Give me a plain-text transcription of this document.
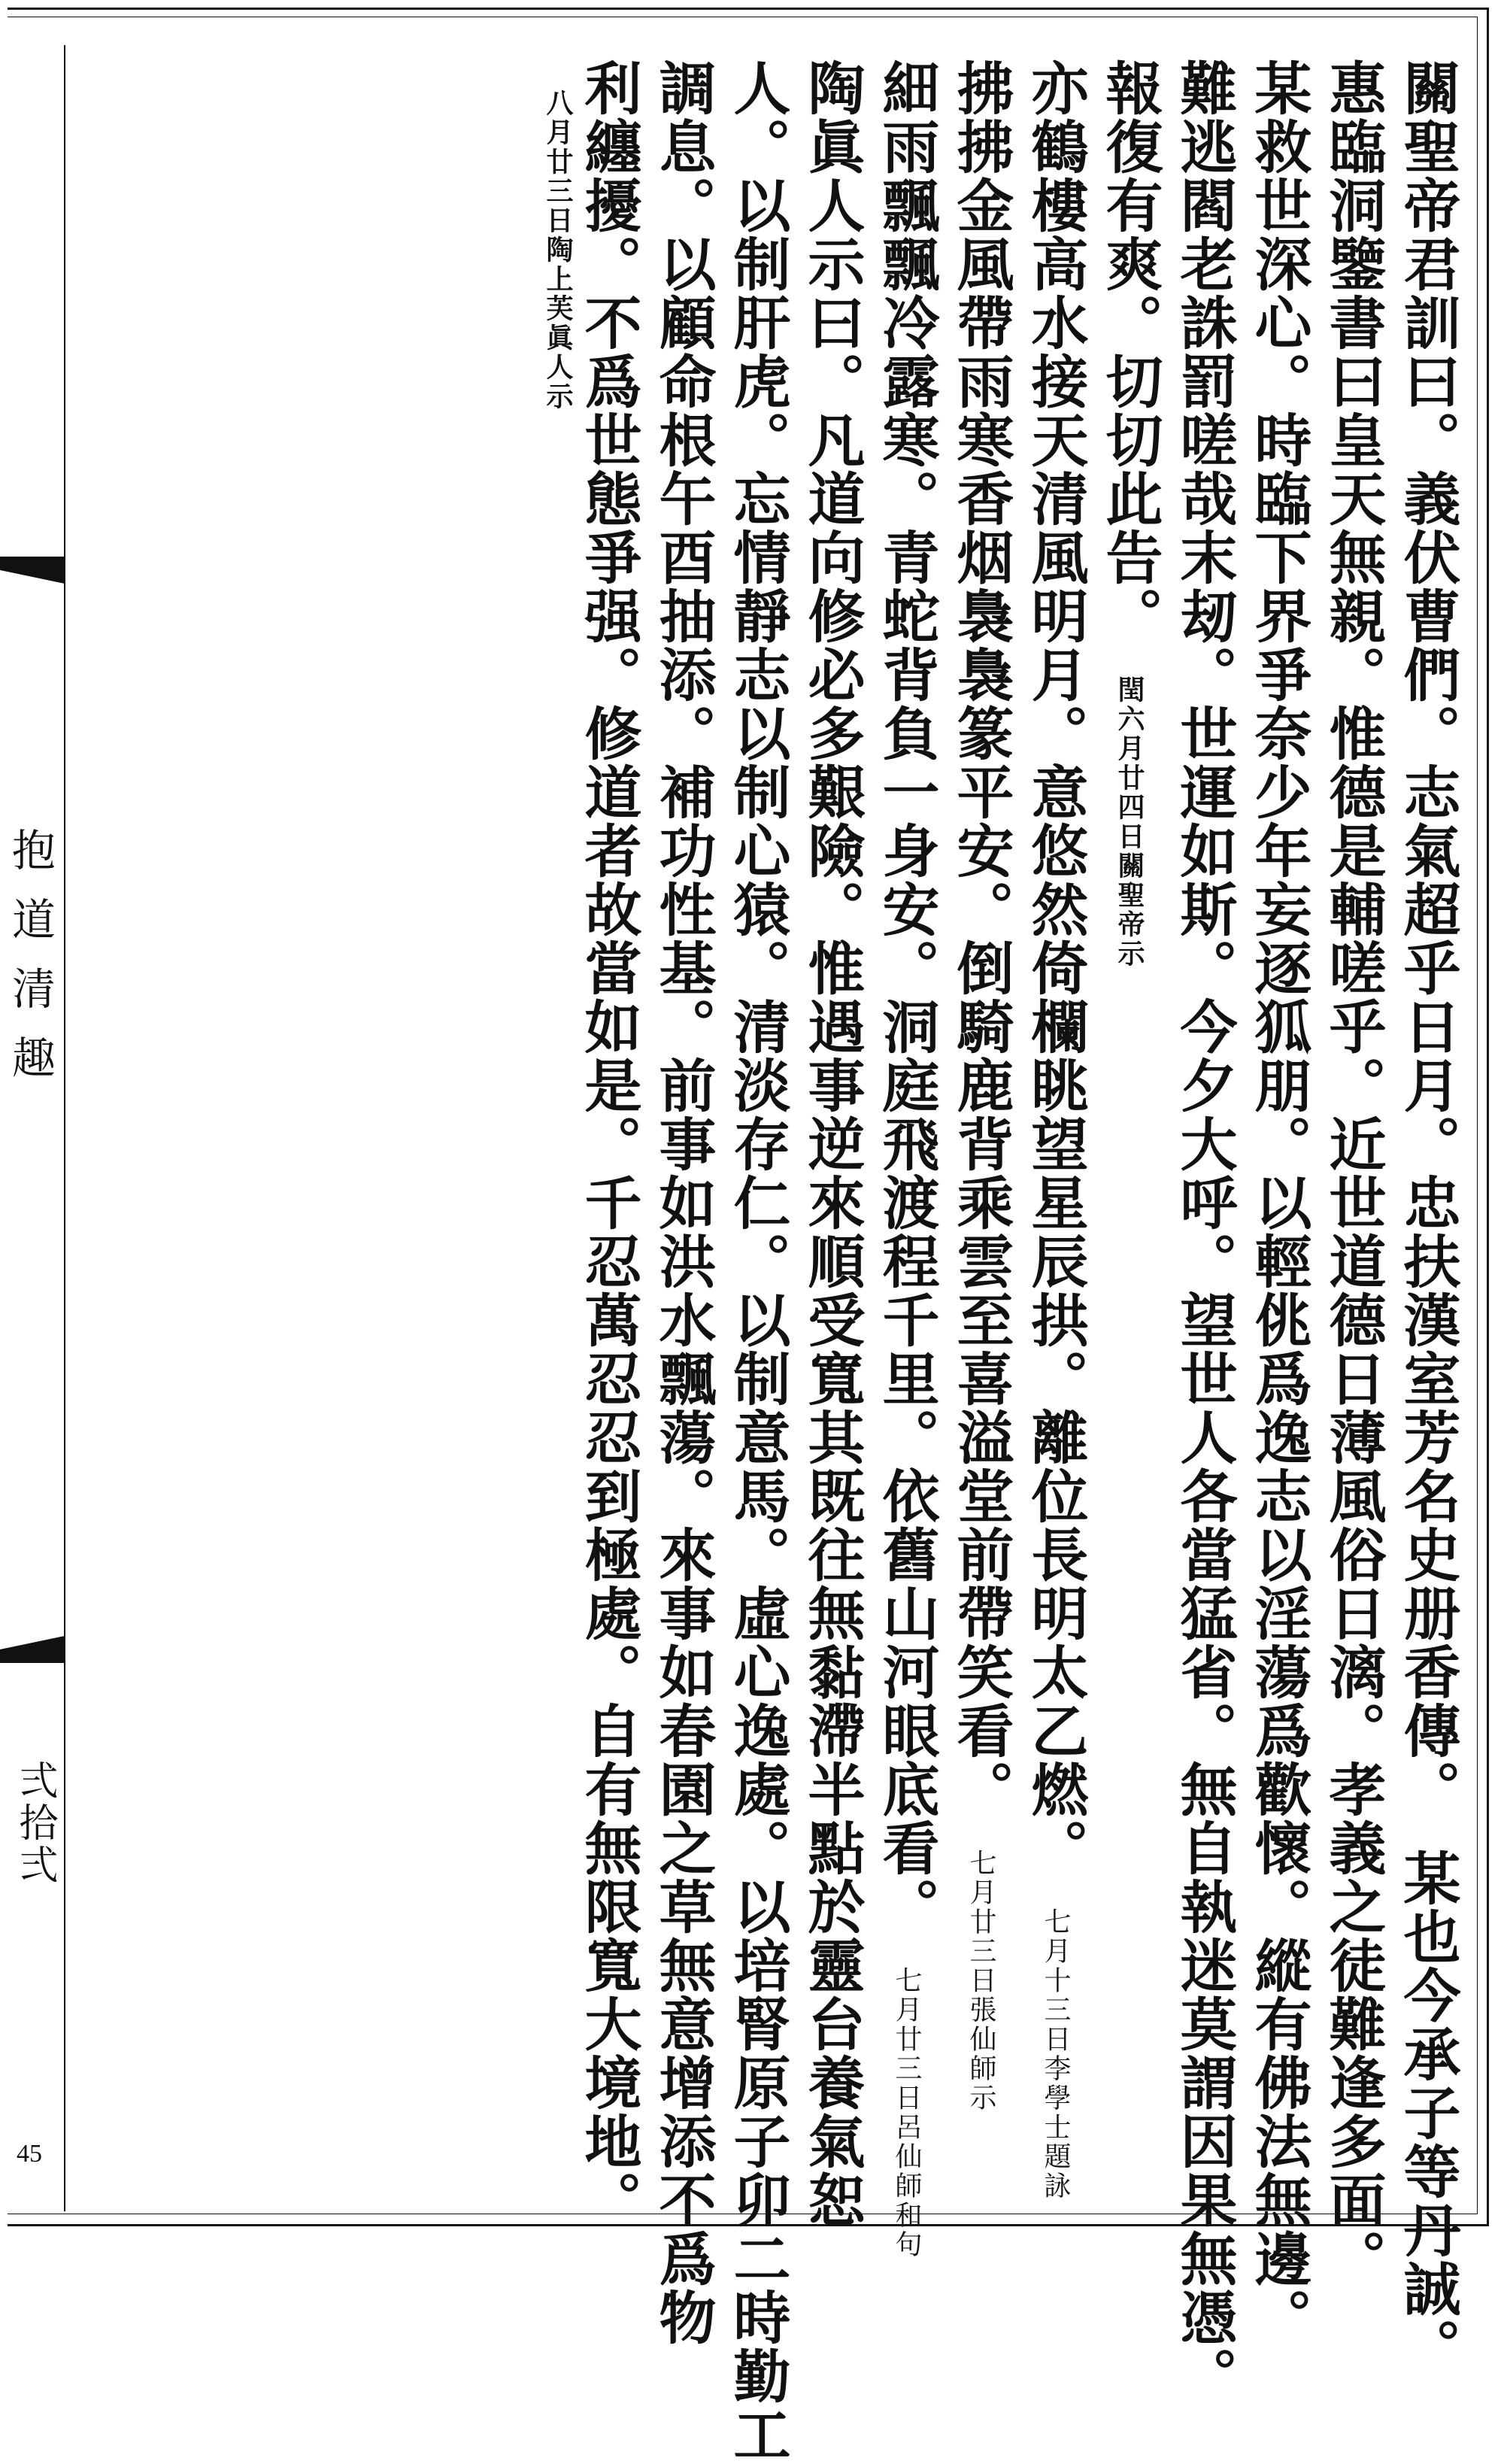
抱道清趣
弍拾弍
45	關聖帝君訓曰。義伏曹們。志氣超乎日月。忠扶漢室芳名史册香傳。　某也今承子等丹誠。
惠臨洞鑒書曰皇天無親。惟德是輔嗟乎。近世道德日薄風俗日漓。孝義之徒難逢多面。
某救世深心。時臨下界爭奈少年妄逐狐朋。以輕佻爲逸志以淫蕩爲歡懷。縱有佛法無邊。
難逃閻老誅罰嗟哉末刼。世運如斯。今夕大呼。望世人各當猛省。無自執迷莫謂因果無憑。
報復有爽。切切此告。閏六月廿四日關聖帝示
亦鶴樓高水接天清風明月。意悠然倚欄眺望星辰拱。離位長明太乙燃。七月十三日李學士題詠
拂拂金風帶雨寒香烟裊裊篆平安。倒騎鹿背乘雲至喜溢堂前帶笑看。七月廿三日張仙師示
細雨飄飄冷露寒。青蛇背負一身安。洞庭飛渡程千里。依舊山河眼底看。七月廿三日呂仙師和句
陶眞人示曰。凡道向修必多艱險。惟遇事逆來順受寬其既往無黏滯半點於靈台養氣恕
人。以制肝虎。忘情靜志以制心猿。清淡存仁。以制意馬。虛心逸處。以培腎原子卯二時勤工
調息。以顧命根午酉抽添。補功性基。前事如洪水飄蕩。來事如春園之草無意增添不爲物
利纏擾。不爲世態爭强。修道者故當如是。千忍萬忍忍到極處。自有無限寬大境地。
八月廿三日陶上芙眞人示
